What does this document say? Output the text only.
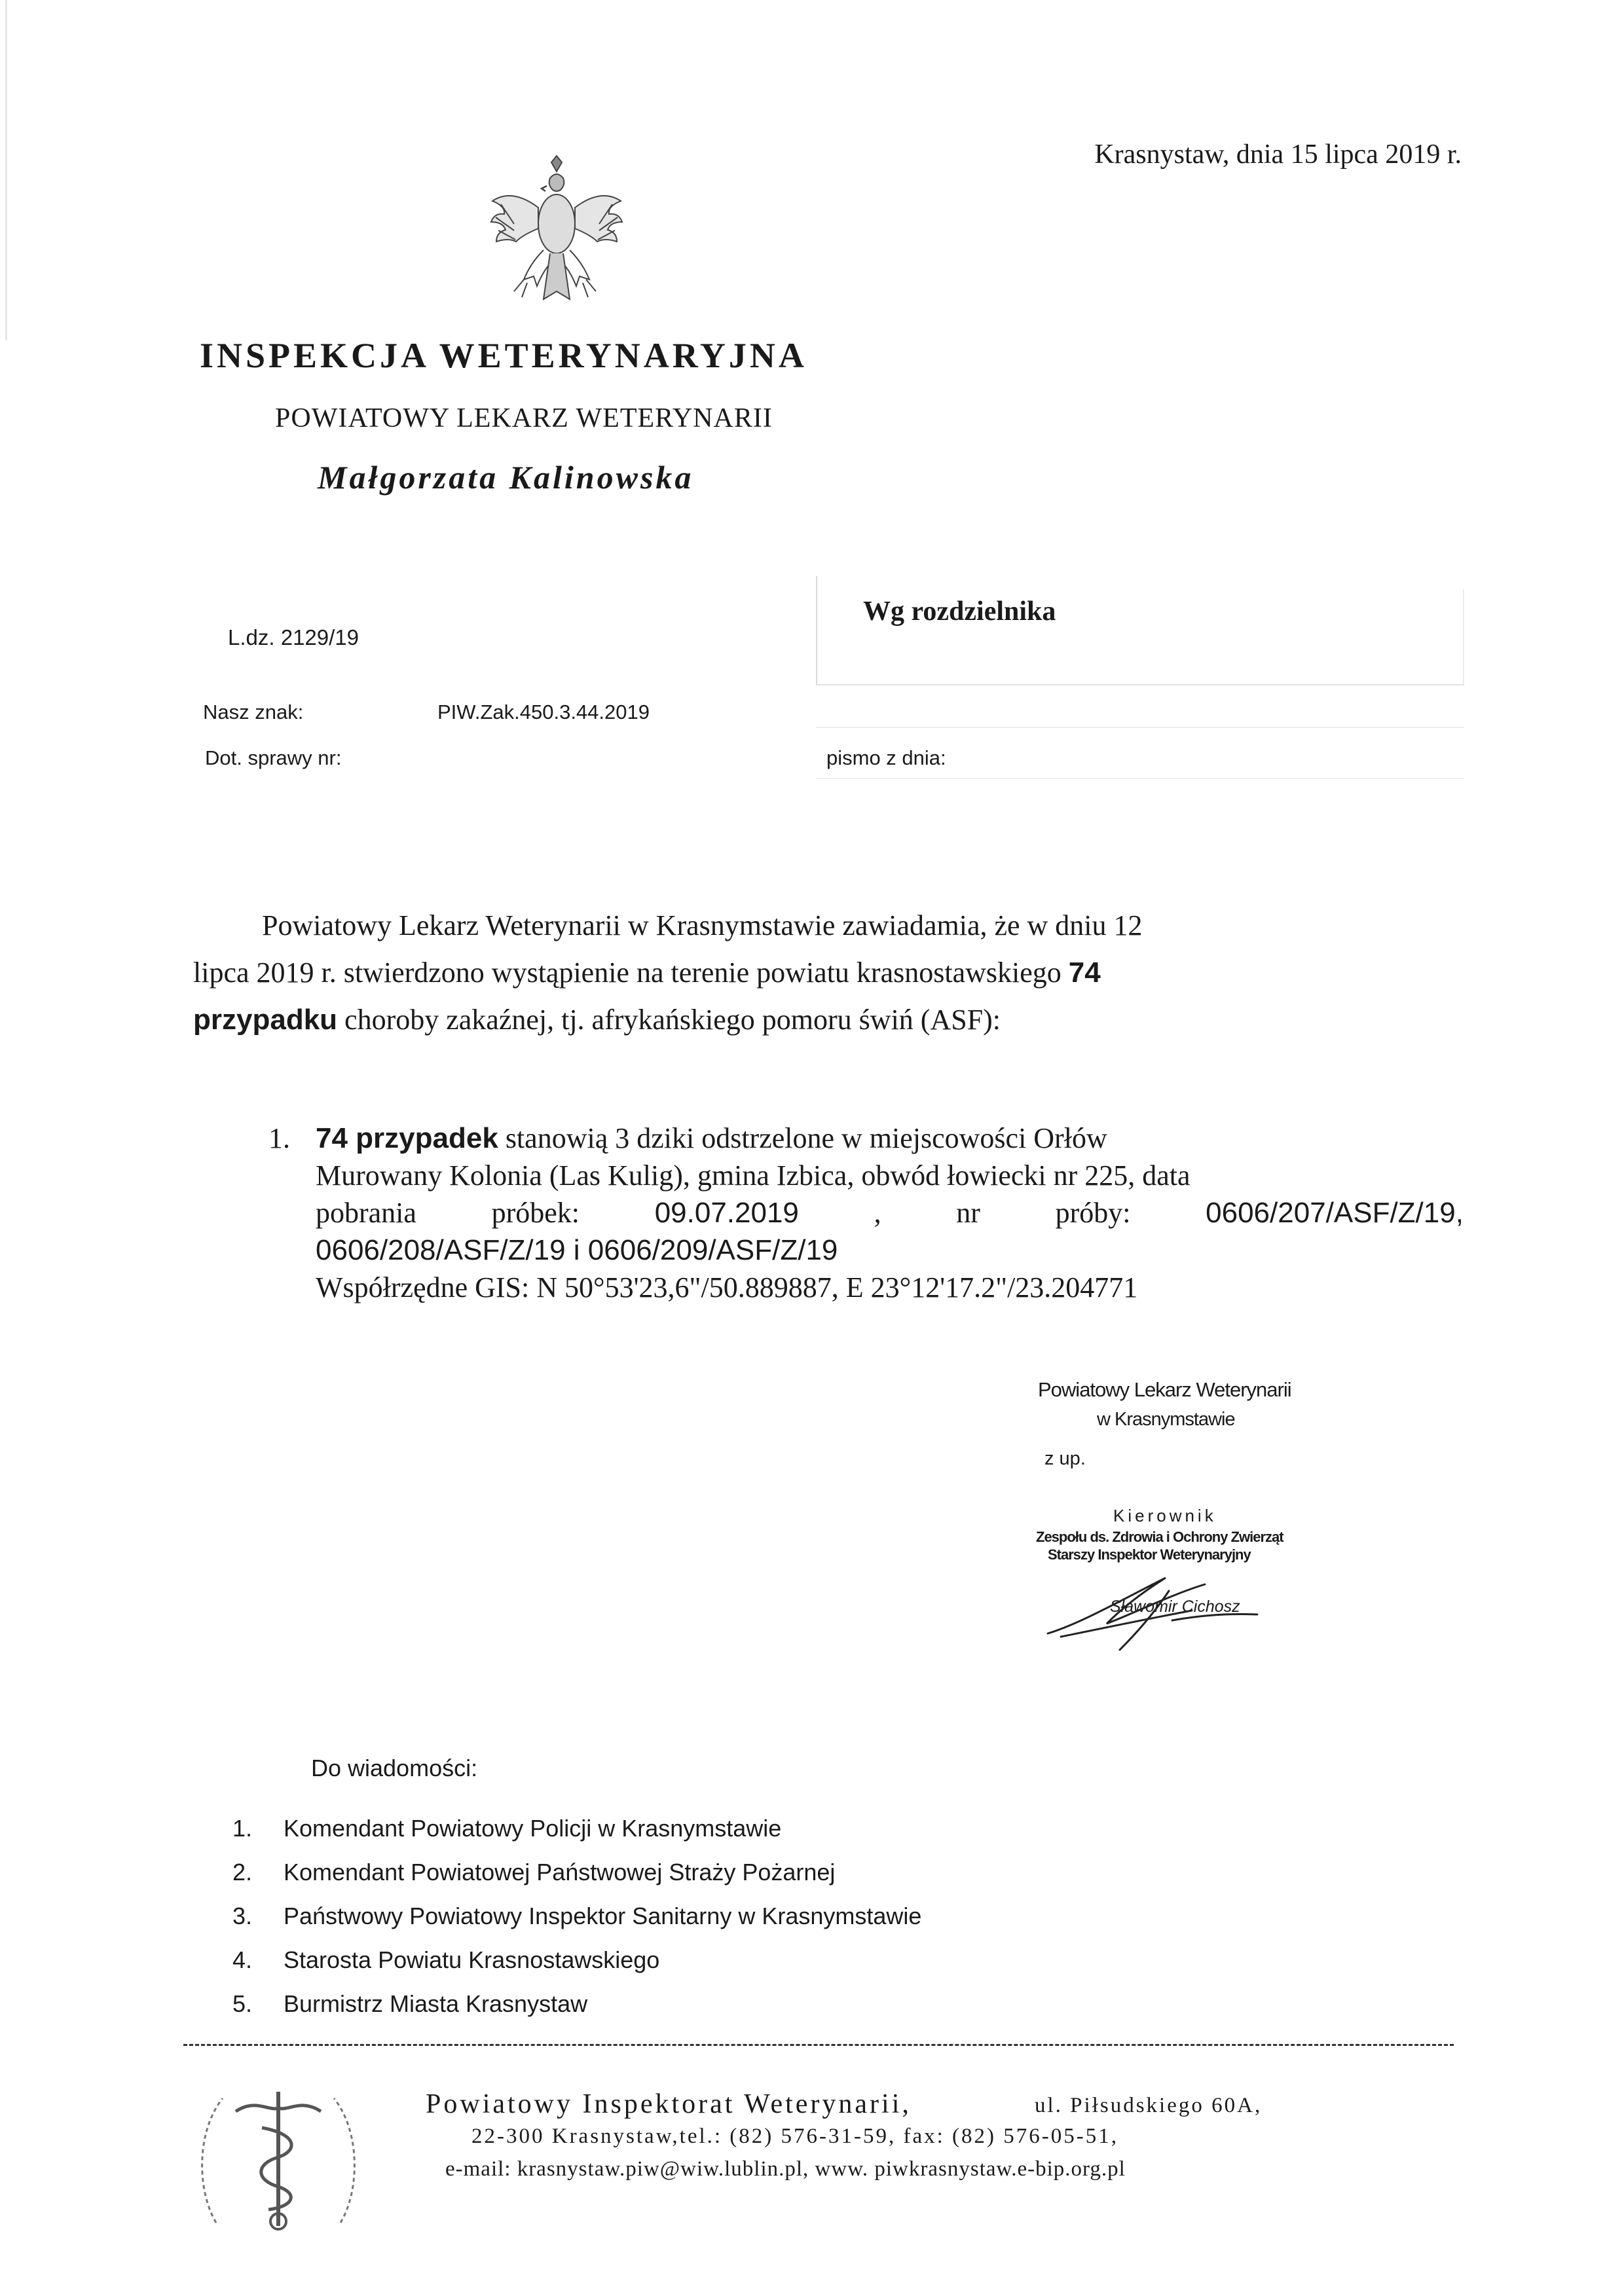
Krasnystaw, dnia 15 lipca 2019 r.
INSPEKCJA WETERYNARYJNA
POWIATOWY LEKARZ WETERYNARII
Małgorzata Kalinowska
L.dz. 2129/19
Wg rozdzielnika
Nasz znak:	PIW.Zak.450.3.44.2019
Dot. sprawy nr:	pismo z dnia:
Powiatowy Lekarz Weterynarii w Krasnymstawie zawiadamia, że w dniu 12
lipca 2019 r. stwierdzono wystąpienie na terenie powiatu krasnostawskiego 74
przypadku choroby zakaźnej, tj. afrykańskiego pomoru świń (ASF):
1. 74 przypadek stanowią 3 dziki odstrzelone w miejscowości Orłów
Murowany Kolonia (Las Kulig), gmina Izbica, obwód łowiecki nr 225, data
pobrania	próbek:	09.07.2019	,	nr	próby:	0606/207/ASF/Z/19,
0606/208/ASF/Z/19 i 0606/209/ASF/Z/19
Współrzędne GIS: N 50°53'23,6"/50.889887, E 23°12'17.2"/23.204771
Powiatowy Lekarz Weterynarii
w Krasnymstawie
z up.
Kierownik
Zespołu ds. Zdrowia i Ochrony Zwierząt
Starszy Inspektor Weterynaryjny
Sławomir Cichosz
Do wiadomości:
1.	Komendant Powiatowy Policji w Krasnymstawie
2.	Komendant Powiatowej Państwowej Straży Pożarnej
3.	Państwowy Powiatowy Inspektor Sanitarny w Krasnymstawie
4.	Starosta Powiatu Krasnostawskiego
5.	Burmistrz Miasta Krasnystaw
Powiatowy Inspektorat Weterynarii,	ul. Piłsudskiego 60A,
22-300 Krasnystaw,tel.: (82) 576-31-59, fax: (82) 576-05-51,
e-mail: krasnystaw.piw@wiw.lublin.pl, www. piwkrasnystaw.e-bip.org.pl
